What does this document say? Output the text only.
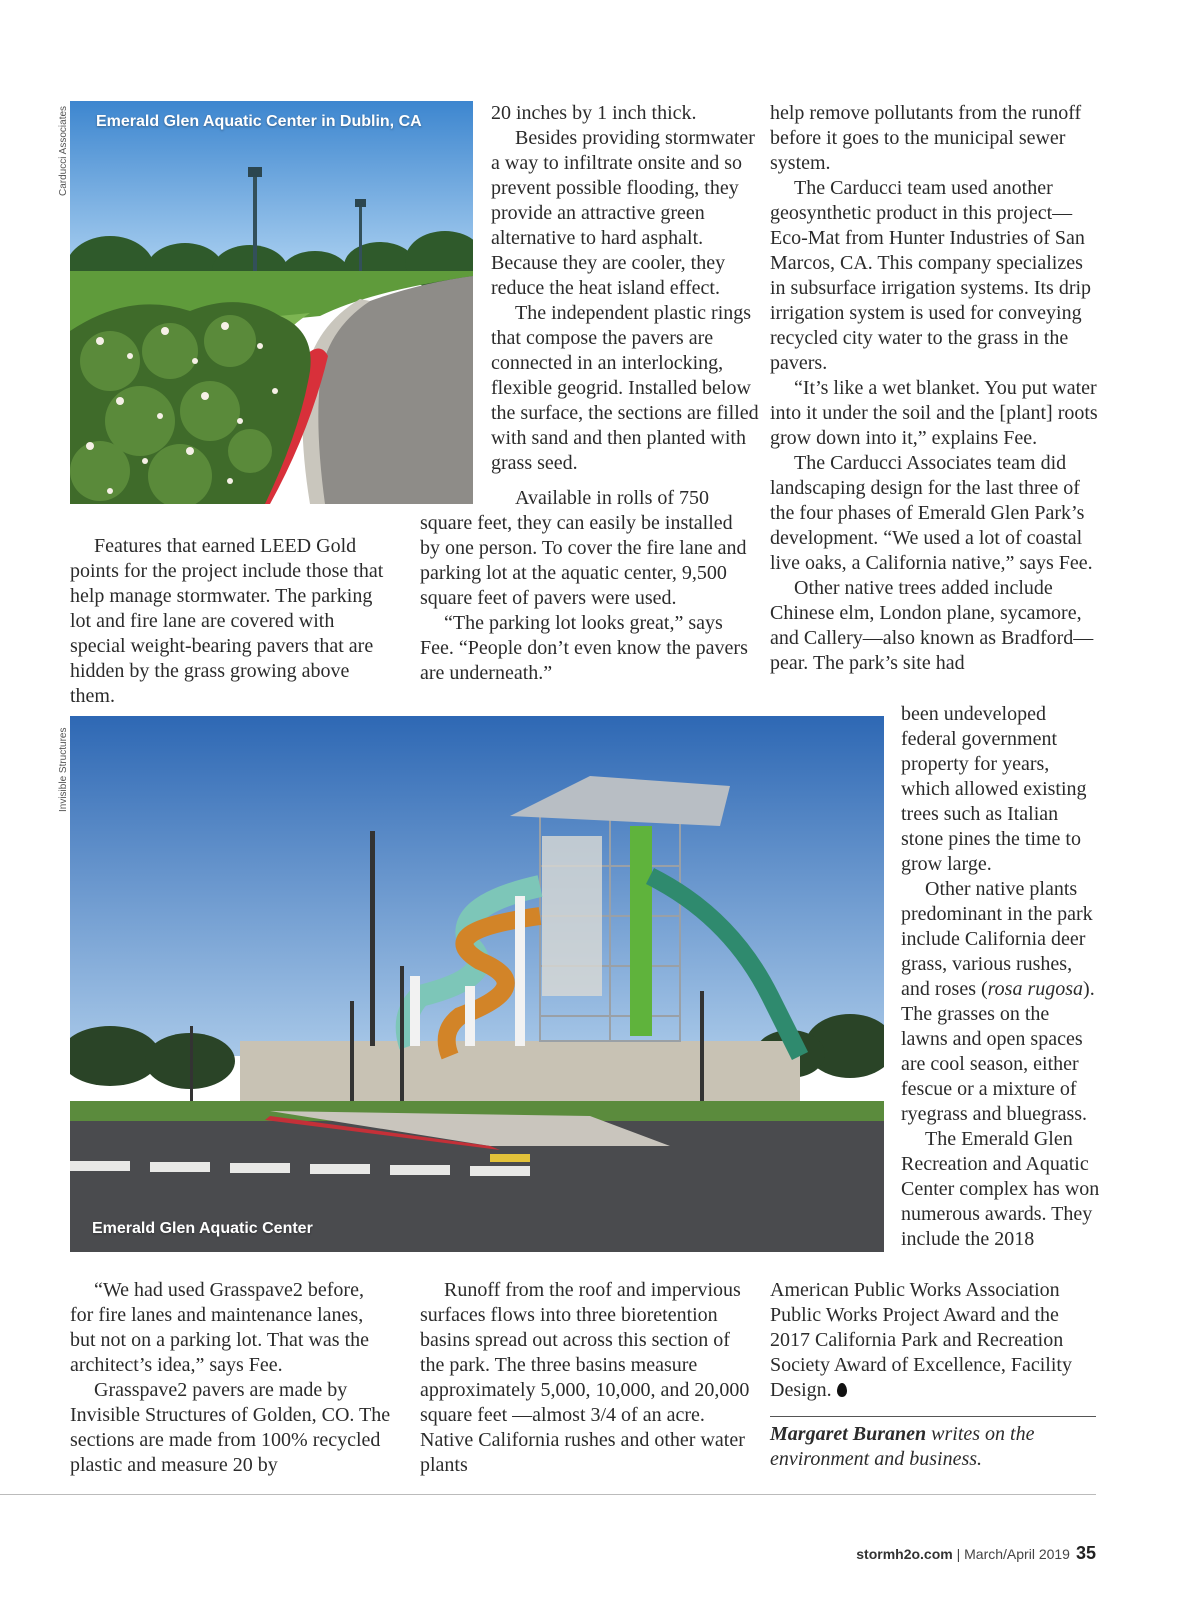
Carducci Associates Emerald Glen Aquatic Center in Dublin, CA

Features that earned LEED Gold points for the project include those that help manage stormwater. The parking lot and fire lane are covered with special weight-bearing pavers that are hidden by the grass growing above them.

20 inches by 1 inch thick.

Besides providing stormwater a way to infiltrate onsite and so prevent possible flooding, they provide an attractive green alternative to hard asphalt. Because they are cooler, they reduce the heat island effect.

The independent plastic rings that compose the pavers are connected in an interlocking, flexible geogrid. Installed below the surface, the sections are filled with sand and then planted with grass seed.

Available in rolls of 750 square feet, they can easily be installed by one person. To cover the fire lane and parking lot at the aquatic center, 9,500 square feet of pavers were used.

“The parking lot looks great,” says Fee. “People don’t even know the pavers are underneath.”

help remove pollutants from the runoff before it goes to the municipal sewer system.

The Carducci team used another geosynthetic product in this project—Eco-Mat from Hunter Industries of San Marcos, CA. This company specializes in subsurface irrigation systems. Its drip irrigation system is used for conveying recycled city water to the grass in the pavers.

“It’s like a wet blanket. You put water into it under the soil and the [plant] roots grow down into it,” explains Fee.

The Carducci Associates team did landscaping design for the last three of the four phases of Emerald Glen Park’s development. “We used a lot of coastal live oaks, a California native,” says Fee.

Other native trees added include Chinese elm, London plane, sycamore, and Callery—also known as Bradford—pear. The park’s site had

been undeveloped federal government property for years, which allowed existing trees such as Italian stone pines the time to grow large.

Other native plants predominant in the park include California deer grass, various rushes, and roses (rosa rugosa). The grasses on the lawns and open spaces are cool season, either fescue or a mixture of ryegrass and bluegrass.

The Emerald Glen Recreation and Aquatic Center complex has won numerous awards. They include the 2018

American Public Works Association Public Works Project Award and the 2017 California Park and Recreation Society Award of Excellence, Facility Design.

Invisible Structures
Emerald Glen Aquatic Center

“We had used Grasspave2 before, for fire lanes and maintenance lanes, but not on a parking lot. That was the architect’s idea,” says Fee.

Grasspave2 pavers are made by Invisible Structures of Golden, CO. The sections are made from 100% recycled plastic and measure 20 by

Runoff from the roof and impervious surfaces flows into three bioretention basins spread out across this section of the park. The three basins measure approximately 5,000, 10,000, and 20,000 square feet —almost 3/4 of an acre. Native California rushes and other water plants

Margaret Buranen writes on the environment and business.
stormh2o.com | March/April 2019 35
